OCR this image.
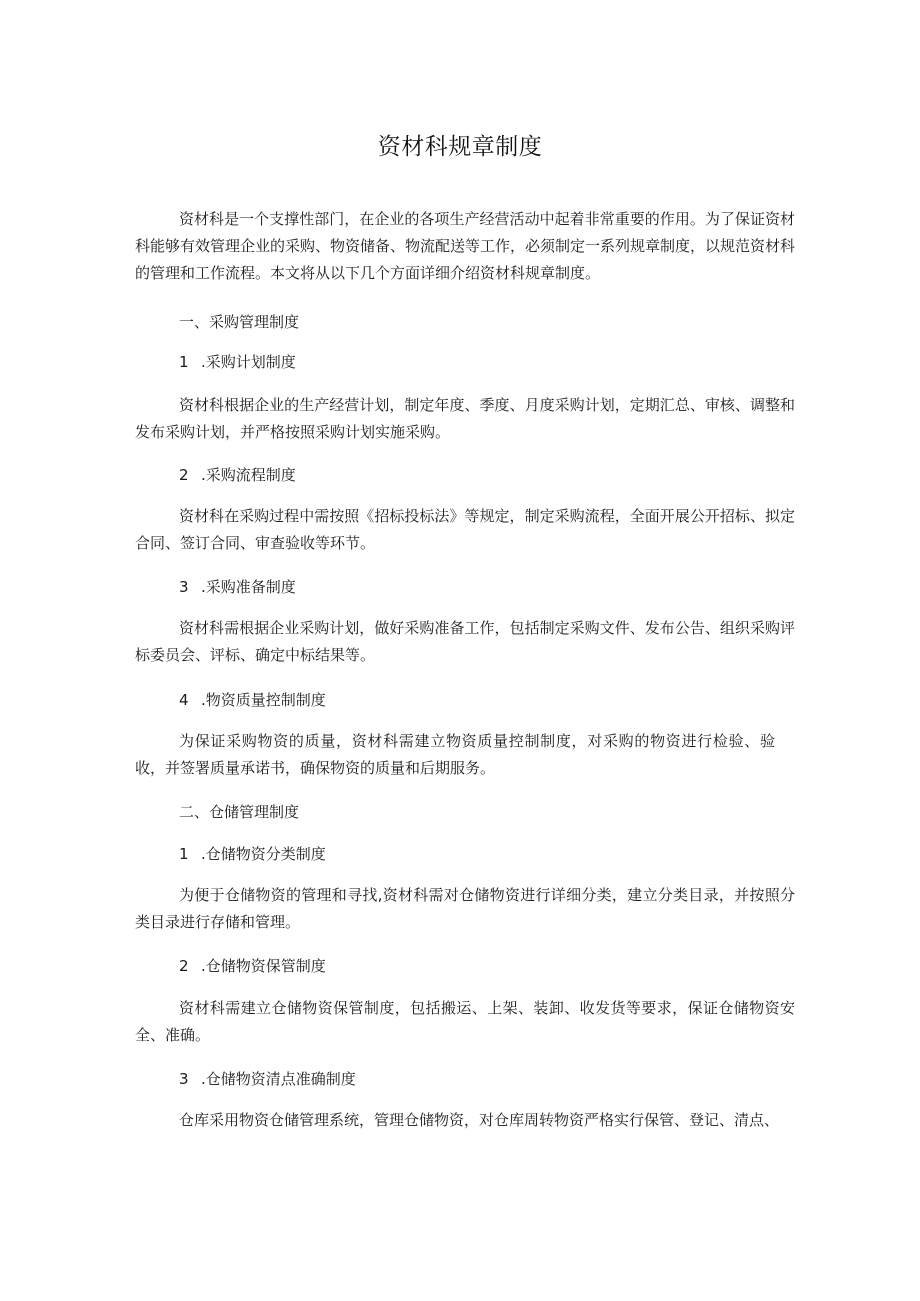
资材科规章制度
资材科是一个支撑性部门，在企业的各项生产经营活动中起着非常重要的作用。为了保证资材科能够有效管理企业的采购、物资储备、物流配送等工作，必须制定一系列规章制度，以规范资材科的管理和工作流程。本文将从以下几个方面详细介绍资材科规章制度。
一、采购管理制度
1 .采购计划制度
资材科根据企业的生产经营计划，制定年度、季度、月度采购计划，定期汇总、审核、调整和发布采购计划，并严格按照采购计划实施采购。
2 .采购流程制度
资材科在采购过程中需按照《招标投标法》等规定，制定采购流程，全面开展公开招标、拟定合同、签订合同、审查验收等环节。
3 .采购准备制度
资材科需根据企业采购计划，做好采购准备工作，包括制定采购文件、发布公告、组织采购评标委员会、评标、确定中标结果等。
4 .物资质量控制制度
为保证采购物资的质量，资材科需建立物资质量控制制度，对采购的物资进行检验、验收，并签署质量承诺书，确保物资的质量和后期服务。
二、仓储管理制度
1 .仓储物资分类制度
为便于仓储物资的管理和寻找,资材科需对仓储物资进行详细分类，建立分类目录，并按照分类目录进行存储和管理。
2 .仓储物资保管制度
资材科需建立仓储物资保管制度，包括搬运、上架、装卸、收发货等要求，保证仓储物资安全、准确。
3 .仓储物资清点准确制度
仓库采用物资仓储管理系统，管理仓储物资，对仓库周转物资严格实行保管、登记、清点、
